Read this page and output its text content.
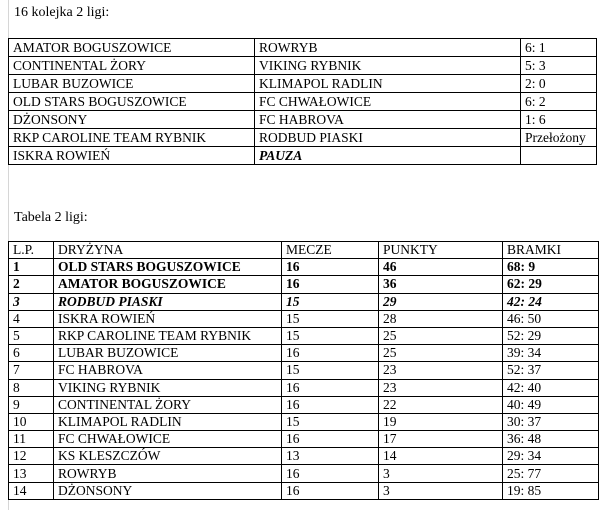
16 kolejka 2 ligi:
AMATOR BOGUSZOWICE	ROWRYB	6: 1
CONTINENTAL ŻORY	VIKING RYBNIK	5: 3
LUBAR BUZOWICE	KLIMAPOL RADLIN	2: 0
OLD STARS BOGUSZOWICE	FC CHWAŁOWICE	6: 2
DŻONSONY	FC HABROVA	1: 6
RKP CAROLINE TEAM RYBNIK	RODBUD PIASKI	Przełożony
ISKRA ROWIEŃ	PAUZA	
Tabela 2 ligi:
L.P.	DRYŻYNA	MECZE	PUNKTY	BRAMKI
1	OLD STARS BOGUSZOWICE	16	46	68: 9
2	AMATOR BOGUSZOWICE	16	36	62: 29
3	RODBUD PIASKI	15	29	42: 24
4	ISKRA ROWIEŃ	15	28	46: 50
5	RKP CAROLINE TEAM RYBNIK	15	25	52: 29
6	LUBAR BUZOWICE	16	25	39: 34
7	FC HABROVA	15	23	52: 37
8	VIKING RYBNIK	16	23	42: 40
9	CONTINENTAL ŻORY	16	22	40: 49
10	KLIMAPOL RADLIN	15	19	30: 37
11	FC CHWAŁOWICE	16	17	36: 48
12	KS KLESZCZÓW	13	14	29: 34
13	ROWRYB	16	3	25: 77
14	DŻONSONY	16	3	19: 85
